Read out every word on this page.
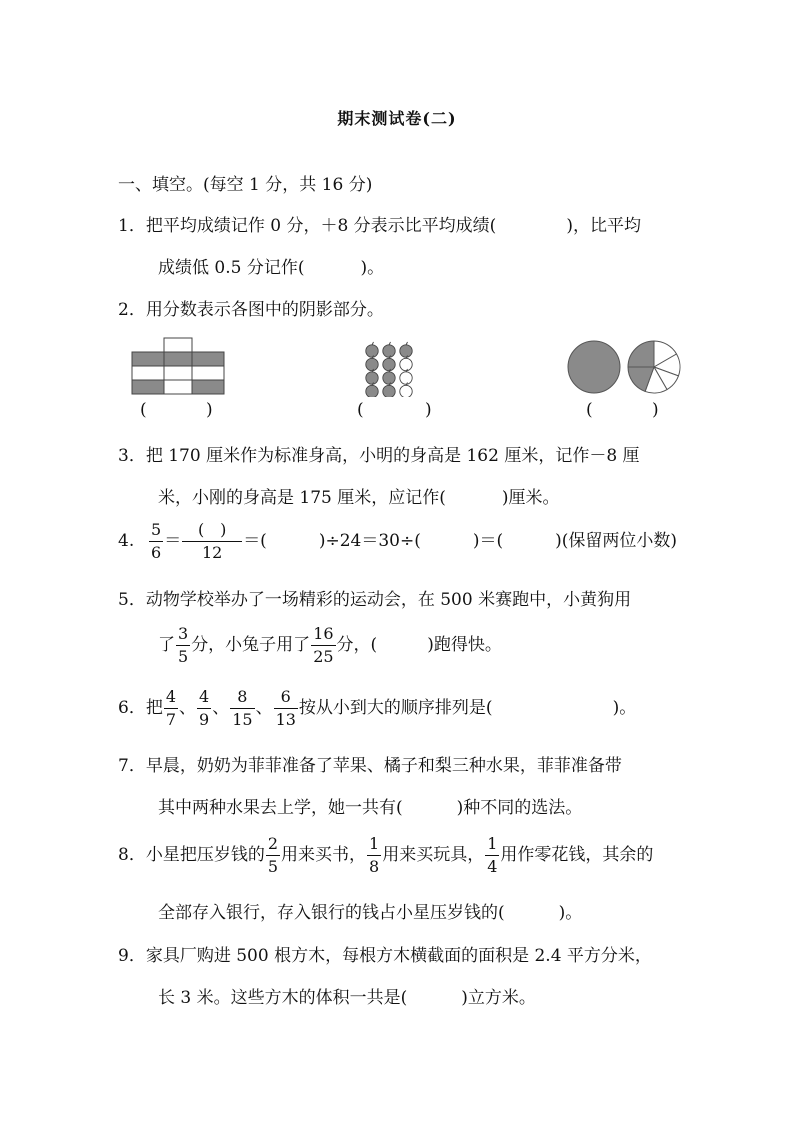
期末测试卷(二)
一、填空。(每空 1 分，共 16 分)
1．把平均成绩记作 0 分，＋8 分表示比平均成绩(	)，比平均
成绩低 0.5 分记作(	)。
2．用分数表示各图中的阴影部分。
(	)	(	)	(	)
3．把 170 厘米作为标准身高，小明的身高是 162 厘米，记作－8 厘
米，小刚的身高是 175 厘米，应记作(	)厘米。
4. $\frac{5}{6} = \frac{( )}{12}$ ＝(	)÷24＝30÷(	)＝(	)(保留两位小数)
5．动物学校举办了一场精彩的运动会，在 500 米赛跑中，小黄狗用
了 $\frac{3}{5}$ 分，小兔子用了 $\frac{16}{25}$ 分，(	)跑得快。
6．把 $\frac{4}{7}$ 、 $\frac{4}{9}$ 、 $\frac{8}{15}$ 、 $\frac{6}{13}$ 按从小到大的顺序排列是(	)。
7．早晨，奶奶为菲菲准备了苹果、橘子和梨三种水果，菲菲准备带
其中两种水果去上学，她一共有(	)种不同的选法。
8．小星把压岁钱的 $\frac{2}{5}$ 用来买书， $\frac{1}{8}$ 用来买玩具， $\frac{1}{4}$ 用作零花钱，其余的
全部存入银行，存入银行的钱占小星压岁钱的(	)。
9．家具厂购进 500 根方木，每根方木横截面的面积是 2.4 平方分米，
长 3 米。这些方木的体积一共是(	)立方米。
